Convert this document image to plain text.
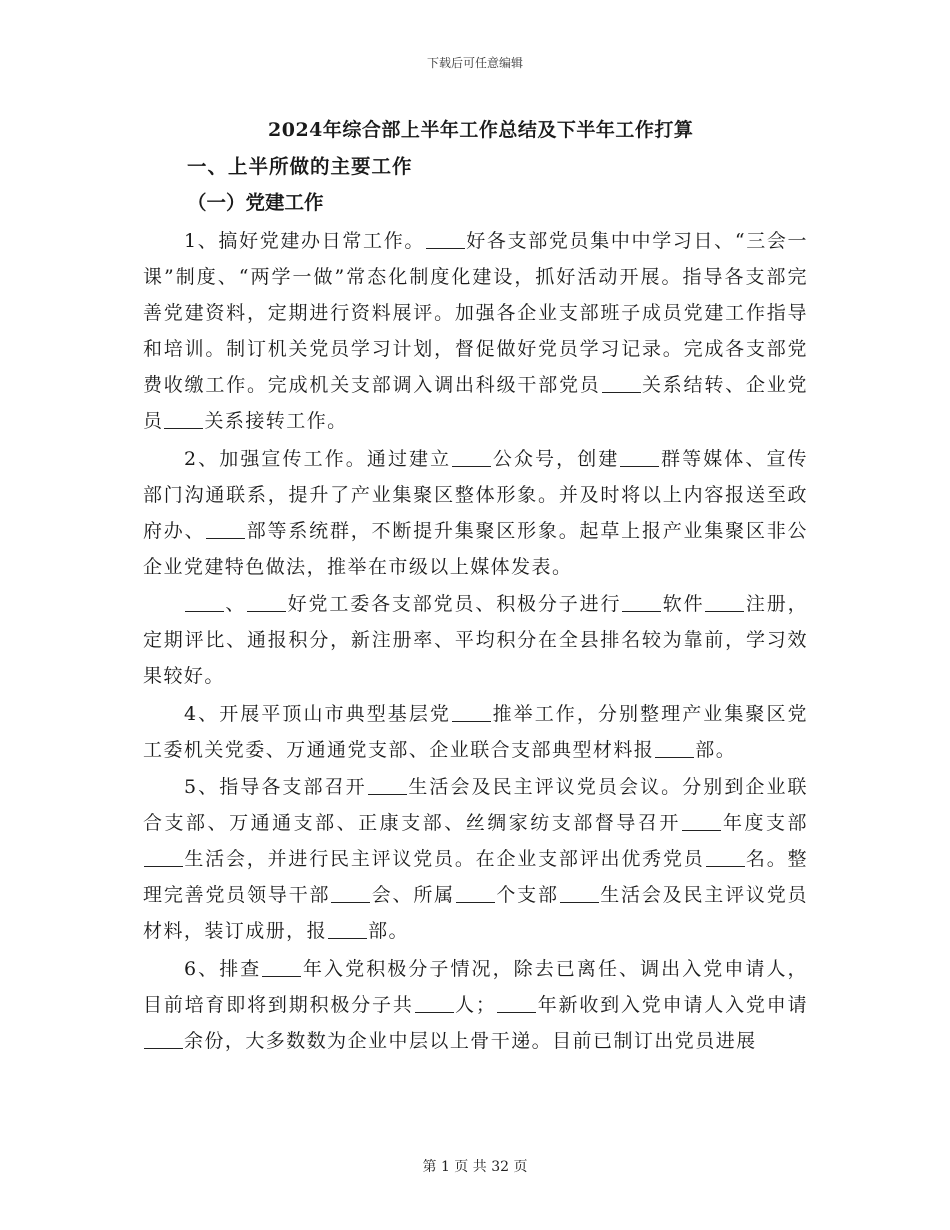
下载后可任意编辑
2024年综合部上半年工作总结及下半年工作打算
一、上半所做的主要工作
（一）党建工作

1、搞好党建办日常工作。 好各支部党员集中中学习日、“三会一课”制度、“两学一做”常态化制度化建设，抓好活动开展。指导各支部完善党建资料，定期进行资料展评。加强各企业支部班子成员党建工作指导和培训。制订机关党员学习计划，督促做好党员学习记录。完成各支部党费收缴工作。完成机关支部调入调出科级干部党员 关系结转、企业党员 关系接转工作。

2、加强宣传工作。通过建立 公众号，创建 群等媒体、宣传部门沟通联系，提升了产业集聚区整体形象。并及时将以上内容报送至政府办、 部等系统群，不断提升集聚区形象。起草上报产业集聚区非公企业党建特色做法，推举在市级以上媒体发表。

、 好党工委各支部党员、积极分子进行 软件 注册，定期评比、通报积分，新注册率、平均积分在全县排名较为靠前，学习效果较好。

4、开展平顶山市典型基层党 推举工作，分别整理产业集聚区党工委机关党委、万通通党支部、企业联合支部典型材料报 部。

5、指导各支部召开 生活会及民主评议党员会议。分别到企业联合支部、万通通支部、正康支部、丝绸家纺支部督导召开 年度支部生活会，并进行民主评议党员。在企业支部评出优秀党员 名。整理完善党员领导干部 会、所属 个支部 生活会及民主评议党员材料，装订成册，报 部。

6、排查 年入党积极分子情况，除去已离任、调出入党申请人，目前培育即将到期积极分子共 人； 年新收到入党申请人入党申请余份，大多数数为企业中层以上骨干递。目前已制订出党员进展

第 1 页 共 32 页
